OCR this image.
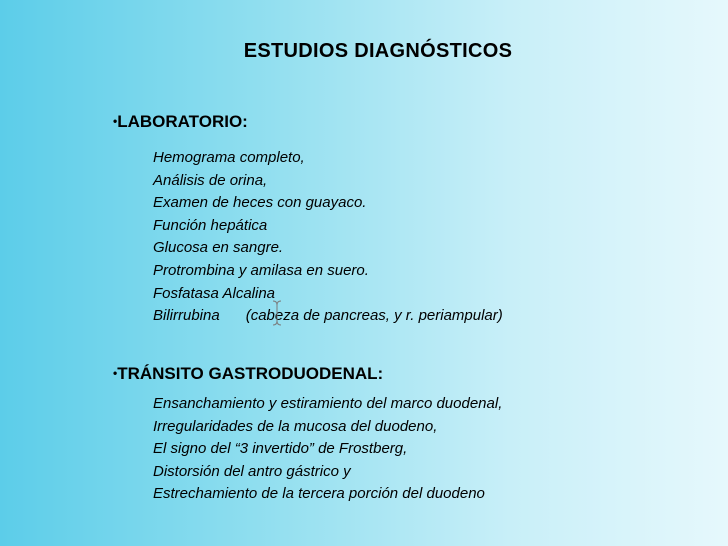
ESTUDIOS DIAGNÓSTICOS
•LABORATORIO:
Hemograma completo,
Análisis de orina,
Examen de heces con guayaco.
Función hepática
Glucosa en sangre.
Protrombina y amilasa en suero.
Fosfatasa Alcalina
Bilirrubina (cabeza de pancreas, y r. periampular)
•TRÁNSITO GASTRODUODENAL:
Ensanchamiento y estiramiento del marco duodenal,
Irregularidades de la mucosa del duodeno,
El signo del “3 invertido” de Frostberg,
Distorsión del antro gástrico y
Estrechamiento de la tercera porción del duodeno
